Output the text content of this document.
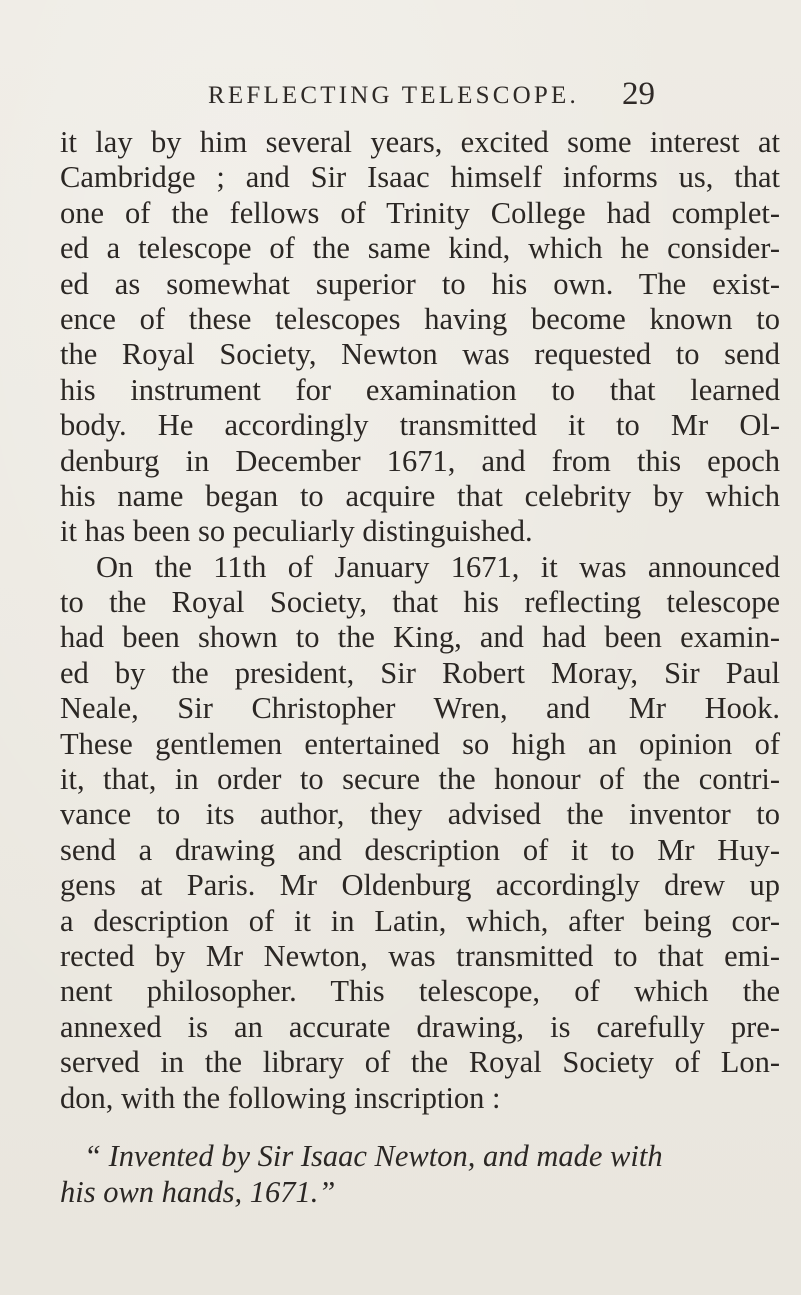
REFLECTING TELESCOPE. 29
it lay by him several years, excited some interest at
Cambridge ; and Sir Isaac himself informs us, that
one of the fellows of Trinity College had complet-
ed a telescope of the same kind, which he consider-
ed as somewhat superior to his own. The exist-
ence of these telescopes having become known to
the Royal Society, Newton was requested to send
his instrument for examination to that learned
body. He accordingly transmitted it to Mr Ol-
denburg in December 1671, and from this epoch
his name began to acquire that celebrity by which
it has been so peculiarly distinguished.
On the 11th of January 1671, it was announced
to the Royal Society, that his reflecting telescope
had been shown to the King, and had been examin-
ed by the president, Sir Robert Moray, Sir Paul
Neale, Sir Christopher Wren, and Mr Hook.
These gentlemen entertained so high an opinion of
it, that, in order to secure the honour of the contri-
vance to its author, they advised the inventor to
send a drawing and description of it to Mr Huy-
gens at Paris. Mr Oldenburg accordingly drew up
a description of it in Latin, which, after being cor-
rected by Mr Newton, was transmitted to that emi-
nent philosopher. This telescope, of which the
annexed is an accurate drawing, is carefully pre-
served in the library of the Royal Society of Lon-
don, with the following inscription :
“ Invented by Sir Isaac Newton, and made with
his own hands, 1671.”
